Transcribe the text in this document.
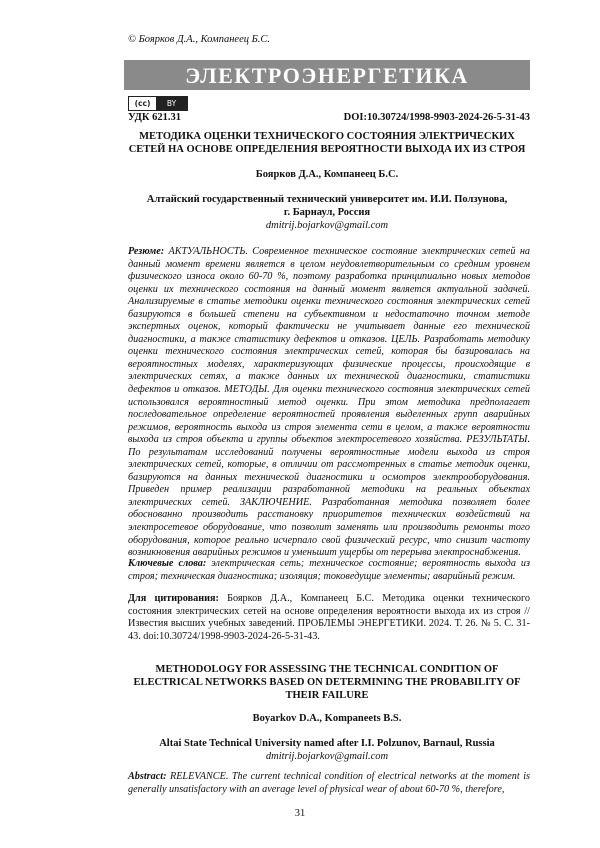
© Боярков Д.А., Компанеец Б.С.
ЭЛЕКТРОЭНЕРГЕТИКА
(cc)	BY
УДК 621.31	DOI:10.30724/1998-9903-2024-26-5-31-43
МЕТОДИКА ОЦЕНКИ ТЕХНИЧЕСКОГО СОСТОЯНИЯ ЭЛЕКТРИЧЕСКИХ
СЕТЕЙ НА ОСНОВЕ ОПРЕДЕЛЕНИЯ ВЕРОЯТНОСТИ ВЫХОДА ИХ ИЗ СТРОЯ
Боярков Д.А., Компанеец Б.С.
Алтайский государственный технический университет им. И.И. Ползунова,
г. Барнаул, Россия
dmitrij.bojarkov@gmail.com

Резюме: АКТУАЛЬНОСТЬ. Современное техническое состояние электрических сетей на данный момент времени является в целом неудовлетворительным со средним уровнем физического износа около 60-70 %, поэтому разработка принципиально новых методов оценки их технического состояния на данный момент является актуальной задачей. Анализируемые в статье методики оценки технического состояния электрических сетей базируются в большей степени на субъективном и недостаточно точном методе экспертных оценок, который фактически не учитывает данные его технической диагностики, а также статистику дефектов и отказов. ЦЕЛЬ. Разработать методику оценки технического состояния электрических сетей, которая бы базировалась на вероятностных моделях, характеризующих физические процессы, происходящие в электрических сетях, а также данных их технической диагностики, статистики дефектов и отказов. МЕТОДЫ. Для оценки технического состояния электрических сетей использовался вероятностный метод оценки. При этом методика предполагает последовательное определение вероятностей проявления выделенных групп аварийных режимов, вероятность выхода из строя элемента сети в целом, а также вероятности выхода из строя объекта и группы объектов электросетевого хозяйства. РЕЗУЛЬТАТЫ. По результатам исследований получены вероятностные модели выхода из строя электрических сетей, которые, в отличии от рассмотренных в статье методик оценки, базируются на данных технической диагностики и осмотров электрооборудования. Приведен пример реализации разработанной методики на реальных объектах электрических сетей. ЗАКЛЮЧЕНИЕ. Разработанная методика позволяет более обоснованно производить расстановку приоритетов технических воздействий на электросетевое оборудование, что позволит заменять или производить ремонты того оборудования, которое реально исчерпало свой физический ресурс, что снизит частоту возникновения аварийных режимов и уменьшит ущербы от перерыва электроснабжения.

Ключевые слова: электрическая сеть; техническое состояние; вероятность выхода из строя; техническая диагностика; изоляция; токоведущие элементы; аварийный режим.

Для цитирования: Боярков Д.А., Компанеец Б.С. Методика оценки технического состояния электрических сетей на основе определения вероятности выхода их из строя // Известия высших учебных заведений. ПРОБЛЕМЫ ЭНЕРГЕТИКИ. 2024. Т. 26. № 5. С. 31-43. doi:10.30724/1998-9903-2024-26-5-31-43.

METHODOLOGY FOR ASSESSING THE TECHNICAL CONDITION OF
ELECTRICAL NETWORKS BASED ON DETERMINING THE PROBABILITY OF
THEIR FAILURE
Boyarkov D.A., Kompaneets B.S.
Altai State Technical University named after I.I. Polzunov, Barnaul, Russia
dmitrij.bojarkov@gmail.com

Abstract: RELEVANCE. The current technical condition of electrical networks at the moment is generally unsatisfactory with an average level of physical wear of about 60-70 %, therefore,

31
